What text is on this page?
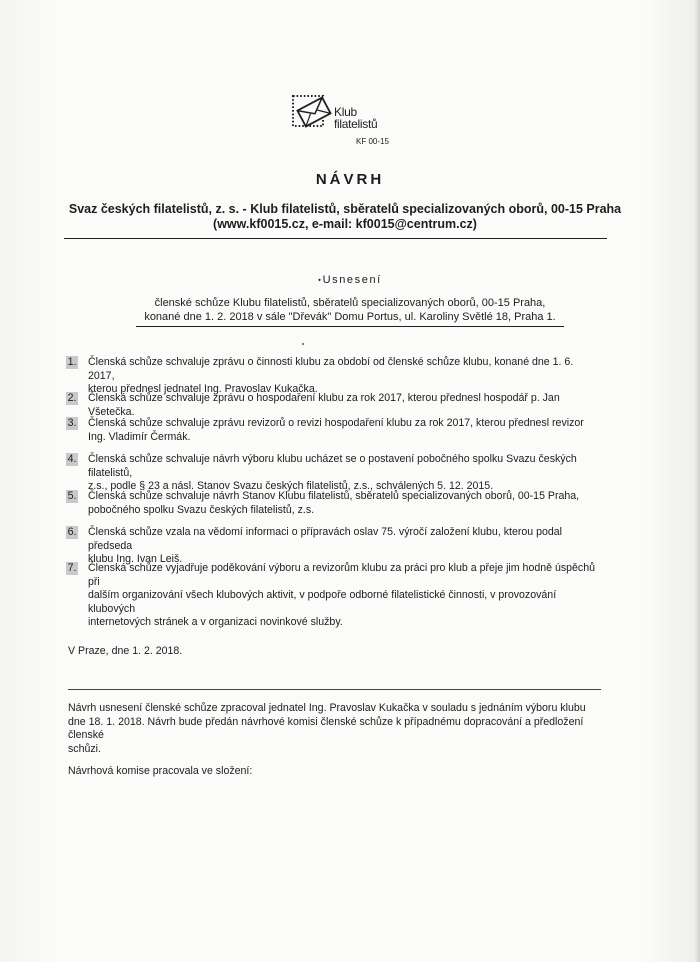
Klub
filatelistů
KF 00-15
NÁVRH
Svaz českých filatelistů, z. s. - Klub filatelistů, sběratelů specializovaných oborů, 00-15 Praha
(www.kf0015.cz, e-mail: kf0015@centrum.cz)
•Usnesení
členské schůze Klubu filatelistů, sběratelů specializovaných oborů, 00-15 Praha,
konané dne 1. 2. 2018 v sále "Dřevák" Domu Portus, ul. Karoliny Světlé 18, Praha 1.
1. Členská schůze schvaluje zprávu o činnosti klubu za období od členské schůze klubu, konané dne 1. 6. 2017,
kterou přednesl jednatel Ing. Pravoslav Kukačka.
2. Členská schůze schvaluje zprávu o hospodaření klubu za rok 2017, kterou přednesl hospodář p. Jan Všetečka.
3. Členská schůze schvaluje zprávu revizorů o revizi hospodaření klubu za rok 2017, kterou přednesl revizor
Ing. Vladimír Čermák.
4. Členská schůze schvaluje návrh výboru klubu ucházet se o postavení pobočného spolku Svazu českých filatelistů,
z.s., podle § 23 a násl. Stanov Svazu českých filatelistů, z.s., schválených 5. 12. 2015.
5. Členská schůze schvaluje návrh Stanov Klubu filatelistů, sběratelů specializovaných oborů, 00-15 Praha,
pobočného spolku Svazu českých filatelistů, z.s.
6. Členská schůze vzala na vědomí informaci o přípravách oslav 75. výročí založení klubu, kterou podal předseda
klubu Ing. Ivan Leiš.
7. Členská schůze vyjadřuje poděkování výboru a revizorům klubu za práci pro klub a přeje jim hodně úspěchů při
dalším organizování všech klubových aktivit, v podpoře odborné filatelistické činnosti, v provozování klubových
internetových stránek a v organizaci novinkové služby.
V Praze, dne 1. 2. 2018.
Návrh usnesení členské schůze zpracoval jednatel Ing. Pravoslav Kukačka v souladu s jednáním výboru klubu
dne 18. 1. 2018. Návrh bude předán návrhové komisi členské schůze k případnému dopracování a předložení členské
schůzi.
Návrhová komise pracovala ve složení:
